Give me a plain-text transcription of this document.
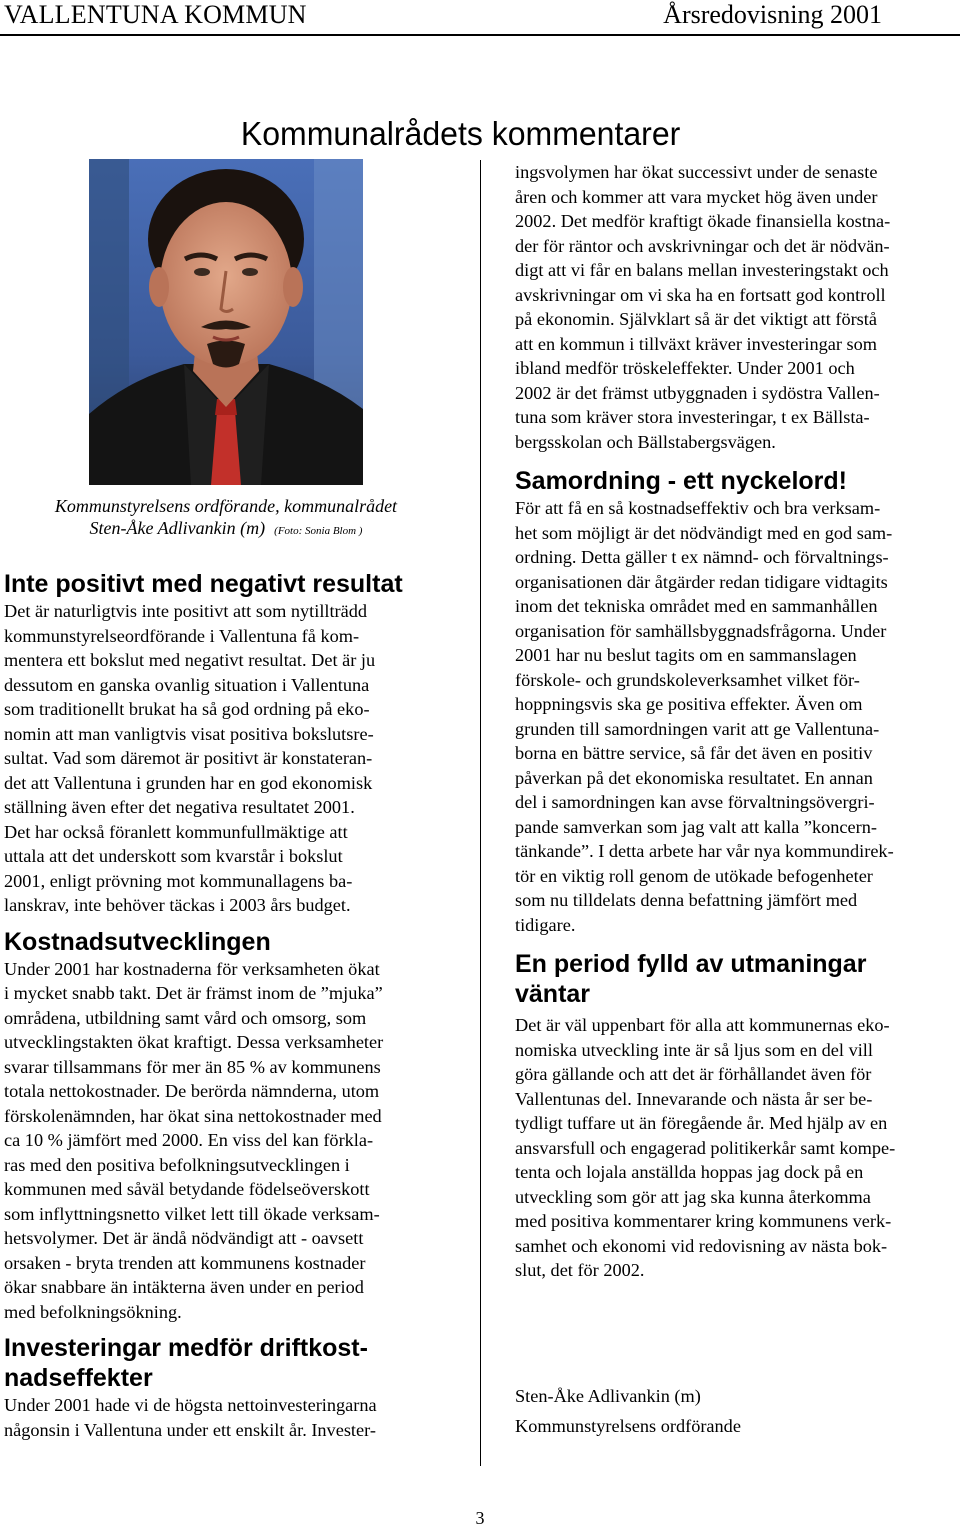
VALLENTUNA KOMMUN	Årsredovisning 2001
Kommunalrådets kommentarer
Kommunstyrelsens ordförande, kommunalrådet
Sten-Åke Adlivankin (m) (Foto: Sonia Blom )
Inte positivt med negativt resultat

Det är naturligtvis inte positivt att som nytillträdd

kommunstyrelseordförande i Vallentuna få kom-

mentera ett bokslut med negativt resultat. Det är ju

dessutom en ganska ovanlig situation i Vallentuna

som traditionellt brukat ha så god ordning på eko-

nomin att man vanligtvis visat positiva bokslutsre-

sultat. Vad som däremot är positivt är konstateran-

det att Vallentuna i grunden har en god ekonomisk

ställning även efter det negativa resultatet 2001.

Det har också föranlett kommunfullmäktige att

uttala att det underskott som kvarstår i bokslut

2001, enligt prövning mot kommunallagens ba-

lanskrav, inte behöver täckas i 2003 års budget.

Kostnadsutvecklingen

Under 2001 har kostnaderna för verksamheten ökat

i mycket snabb takt. Det är främst inom de ”mjuka”

områdena, utbildning samt vård och omsorg, som

utvecklingstakten ökat kraftigt. Dessa verksamheter

svarar tillsammans för mer än 85 % av kommunens

totala nettokostnader. De berörda nämnderna, utom

förskolenämnden, har ökat sina nettokostnader med

ca 10 % jämfört med 2000. En viss del kan förkla-

ras med den positiva befolkningsutvecklingen i

kommunen med såväl betydande födelseöverskott

som inflyttningsnetto vilket lett till ökade verksam-

hetsvolymer. Det är ändå nödvändigt att - oavsett

orsaken - bryta trenden att kommunens kostnader

ökar snabbare än intäkterna även under en period

med befolkningsökning.

Investeringar medför driftkost-
nadseffekter

Under 2001 hade vi de högsta nettoinvesteringarna

någonsin i Vallentuna under ett enskilt år. Invester-

ingsvolymen har ökat successivt under de senaste

åren och kommer att vara mycket hög även under

2002. Det medför kraftigt ökade finansiella kostna-

der för räntor och avskrivningar och det är nödvän-

digt att vi får en balans mellan investeringstakt och

avskrivningar om vi ska ha en fortsatt god kontroll

på ekonomin. Självklart så är det viktigt att förstå

att en kommun i tillväxt kräver investeringar som

ibland medför tröskeleffekter. Under 2001 och

2002 är det främst utbyggnaden i sydöstra Vallen-

tuna som kräver stora investeringar, t ex Bällsta-

bergsskolan och Bällstabergsvägen.

Samordning - ett nyckelord!

För att få en så kostnadseffektiv och bra verksam-

het som möjligt är det nödvändigt med en god sam-

ordning. Detta gäller t ex nämnd- och förvaltnings-

organisationen där åtgärder redan tidigare vidtagits

inom det tekniska området med en sammanhållen

organisation för samhällsbyggnadsfrågorna. Under

2001 har nu beslut tagits om en sammanslagen

förskole- och grundskoleverksamhet vilket för-

hoppningsvis ska ge positiva effekter. Även om

grunden till samordningen varit att ge Vallentuna-

borna en bättre service, så får det även en positiv

påverkan på det ekonomiska resultatet. En annan

del i samordningen kan avse förvaltningsövergri-

pande samverkan som jag valt att kalla ”koncern-

tänkande”. I detta arbete har vår nya kommundirek-

tör en viktig roll genom de utökade befogenheter

som nu tilldelats denna befattning jämfört med

tidigare.

En period fylld av utmaningar
väntar

Det är väl uppenbart för alla att kommunernas eko-

nomiska utveckling inte är så ljus som en del vill

göra gällande och att det är förhållandet även för

Vallentunas del. Innevarande och nästa år ser be-

tydligt tuffare ut än föregående år. Med hjälp av en

ansvarsfull och engagerad politikerkår samt kompe-

tenta och lojala anställda hoppas jag dock på en

utveckling som gör att jag ska kunna återkomma

med positiva kommentarer kring kommunens verk-

samhet och ekonomi vid redovisning av nästa bok-

slut, det för 2002.

Sten-Åke Adlivankin (m)

Kommunstyrelsens ordförande

3
